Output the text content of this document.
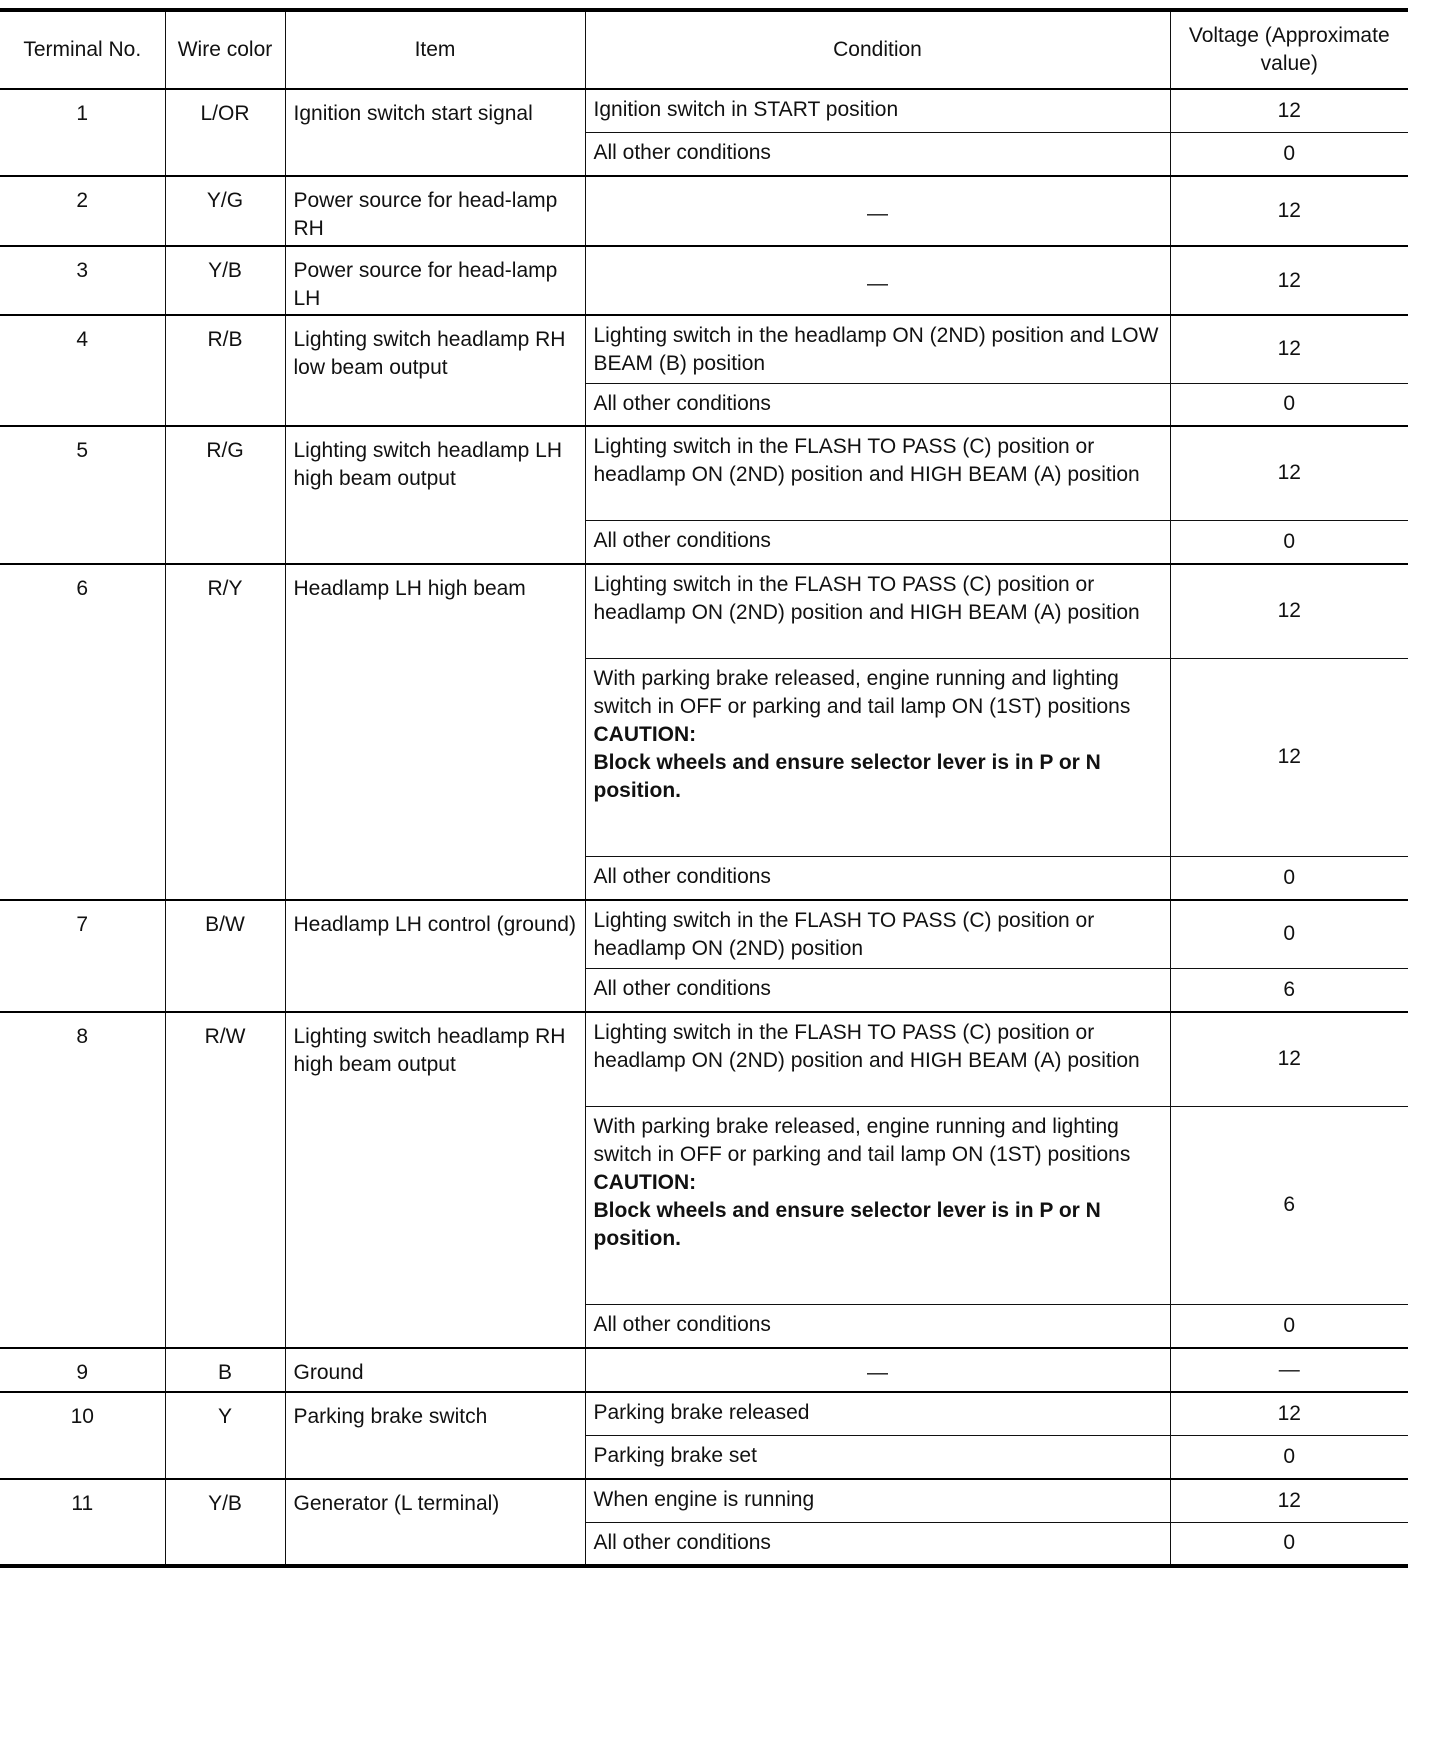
Terminal No.	Wire color	Item	Condition	Voltage (Approximate value)
1	L/OR	Ignition switch start signal	Ignition switch in START position	12

			All other conditions	0
2	Y/G	Power source for head-lamp RH	—	12
3	Y/B	Power source for head-lamp LH	—	12
4	R/B	Lighting switch headlamp RH low beam output	Lighting switch in the headlamp ON (2ND) position and LOW BEAM (B) position	12

			All other conditions	0
5	R/G	Lighting switch headlamp LH high beam output	Lighting switch in the FLASH TO PASS (C) position or headlamp ON (2ND) position and HIGH BEAM (A) position	12

			All other conditions	0
6	R/Y	Headlamp LH high beam	Lighting switch in the FLASH TO PASS (C) position or headlamp ON (2ND) position and HIGH BEAM (A) position	12

			With parking brake released, engine running and lighting switch in OFF or parking and tail lamp ON (1ST) positions
CAUTION:
Block wheels and ensure selector lever is in P or N position.	12

			All other conditions	0
7	B/W	Headlamp LH control (ground)	Lighting switch in the FLASH TO PASS (C) position or headlamp ON (2ND) position	0

			All other conditions	6
8	R/W	Lighting switch headlamp RH high beam output	Lighting switch in the FLASH TO PASS (C) position or headlamp ON (2ND) position and HIGH BEAM (A) position	12

			With parking brake released, engine running and lighting switch in OFF or parking and tail lamp ON (1ST) positions
CAUTION:
Block wheels and ensure selector lever is in P or N position.	6

			All other conditions	0
9	B	Ground	—	—
10	Y	Parking brake switch	Parking brake released	12

			Parking brake set	0
11	Y/B	Generator (L terminal)	When engine is running	12

			All other conditions	0
